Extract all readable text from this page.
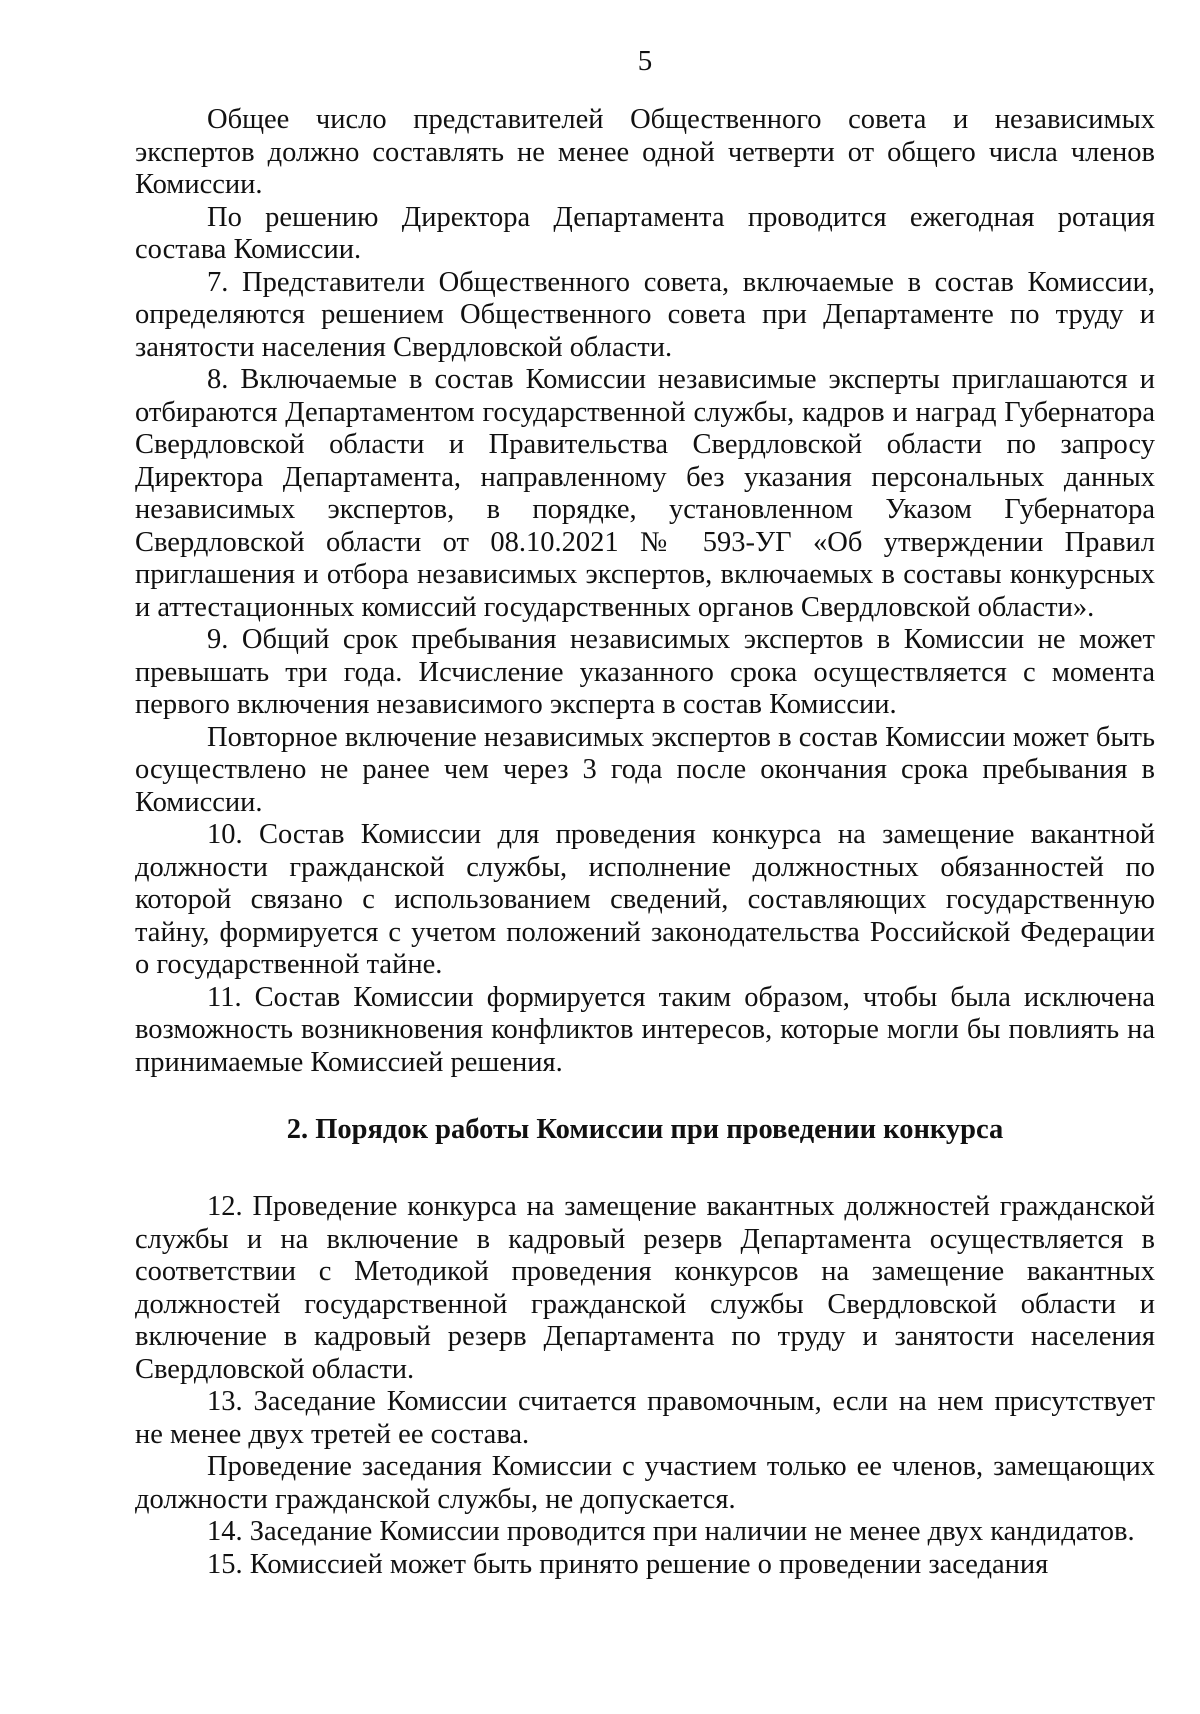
5

Общее число представителей Общественного совета и независимых экспертов должно составлять не менее одной четверти от общего числа членов Комиссии.

По решению Директора Департамента проводится ежегодная ротация состава Комиссии.

7. Представители Общественного совета, включаемые в состав Комиссии, определяются решением Общественного совета при Департаменте по труду и занятости населения Свердловской области.

8. Включаемые в состав Комиссии независимые эксперты приглашаются и отбираются Департаментом государственной службы, кадров и наград Губернатора Свердловской области и Правительства Свердловской области по запросу Директора Департамента, направленному без указания персональных данных независимых экспертов, в порядке, установленном Указом Губернатора Свердловской области от 08.10.2021 № 593-УГ «Об утверждении Правил приглашения и отбора независимых экспертов, включаемых в составы конкурсных и аттестационных комиссий государственных органов Свердловской области».

9. Общий срок пребывания независимых экспертов в Комиссии не может превышать три года. Исчисление указанного срока осуществляется с момента первого включения независимого эксперта в состав Комиссии.

Повторное включение независимых экспертов в состав Комиссии может быть осуществлено не ранее чем через 3 года после окончания срока пребывания в Комиссии.

10. Состав Комиссии для проведения конкурса на замещение вакантной должности гражданской службы, исполнение должностных обязанностей по которой связано с использованием сведений, составляющих государственную тайну, формируется с учетом положений законодательства Российской Федерации о государственной тайне.

11. Состав Комиссии формируется таким образом, чтобы была исключена возможность возникновения конфликтов интересов, которые могли бы повлиять на принимаемые Комиссией решения.

2. Порядок работы Комиссии при проведении конкурса

12. Проведение конкурса на замещение вакантных должностей гражданской службы и на включение в кадровый резерв Департамента осуществляется в соответствии с Методикой проведения конкурсов на замещение вакантных должностей государственной гражданской службы Свердловской области и включение в кадровый резерв Департамента по труду и занятости населения Свердловской области.

13. Заседание Комиссии считается правомочным, если на нем присутствует не менее двух третей ее состава.

Проведение заседания Комиссии с участием только ее членов, замещающих должности гражданской службы, не допускается.

14. Заседание Комиссии проводится при наличии не менее двух кандидатов.

15. Комиссией может быть принято решение о проведении заседания
